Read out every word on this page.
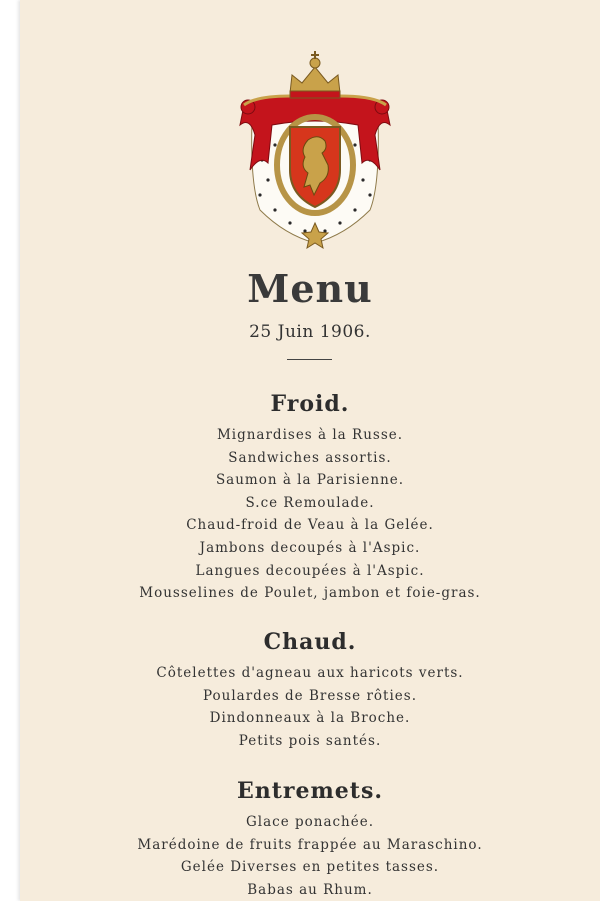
Menu
25 Juin 1906.
Froid.
Mignardises à la Russe.
Sandwiches assortis.
Saumon à la Parisienne.
S.ce Remoulade.
Chaud-froid de Veau à la Gelée.
Jambons decoupés à l'Aspic.
Langues decoupées à l'Aspic.
Mousselines de Poulet, jambon et foie-gras.
Chaud.
Côtelettes d'agneau aux haricots verts.
Poulardes de Bresse rôties.
Dindonneaux à la Broche.
Petits pois santés.
Entremets.
Glace ponachée.
Marédoine de fruits frappée au Maraschino.
Gelée Diverses en petites tasses.
Babas au Rhum.
